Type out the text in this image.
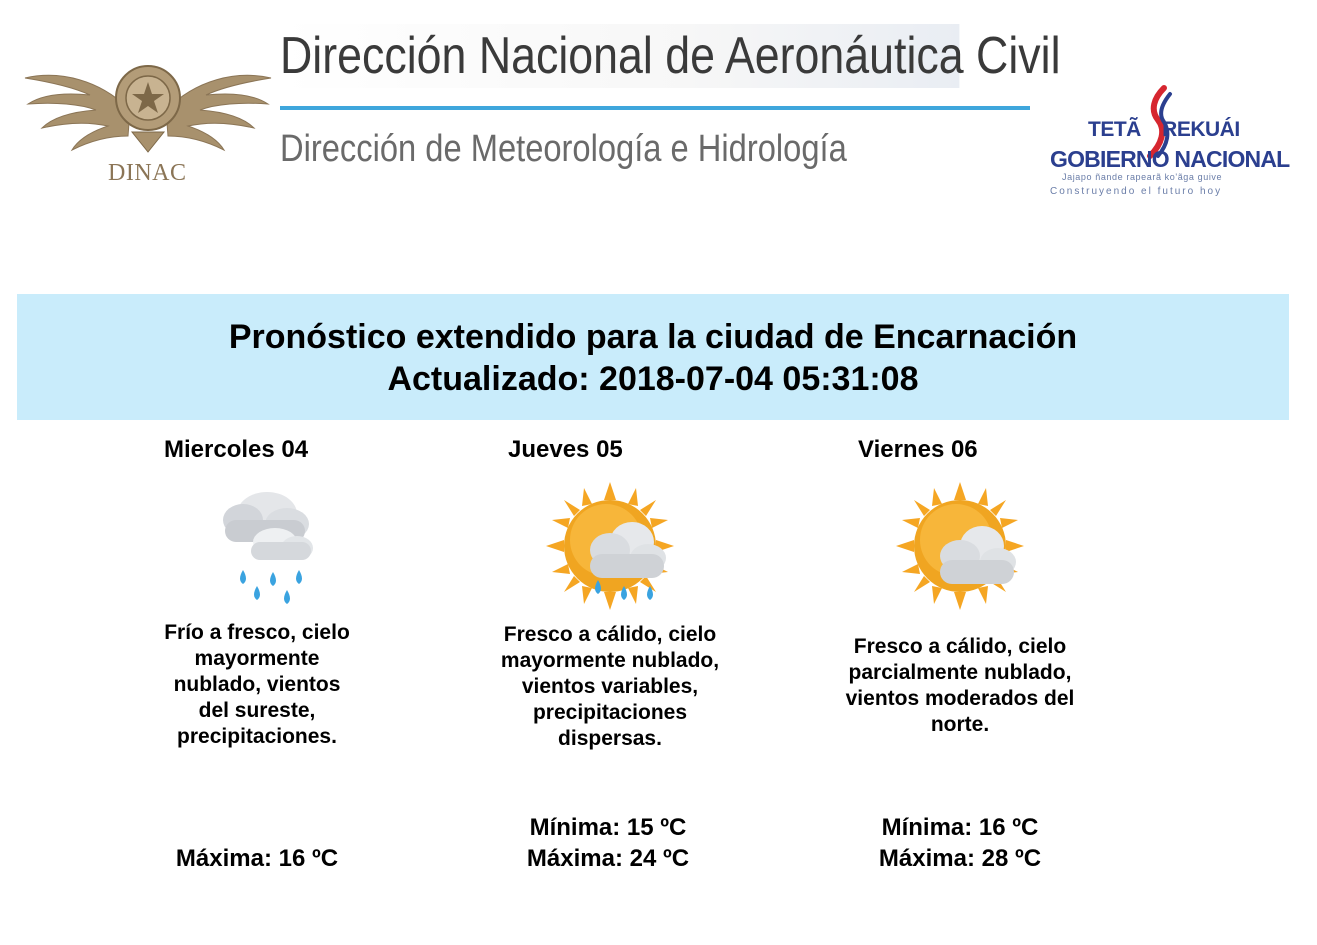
DINAC
Dirección Nacional de Aeronáutica Civil
Dirección de Meteorología e Hidrología	TETÃ REKUÁI
GOBIERNO NACIONAL
Jajapo ñande rapearã ko'ãga guive
Construyendo el futuro hoy
Pronóstico extendido para la ciudad de Encarnación
Actualizado: 2018-07-04 05:31:08
Miercoles 04
Frío a fresco, cielo mayormente nublado, vientos del sureste, precipitaciones.
Máxima: 16 ºC
Jueves 05
Fresco a cálido, cielo mayormente nublado, vientos variables, precipitaciones dispersas.
Mínima: 15 ºC
Máxima: 24 ºC
Viernes 06
Fresco a cálido, cielo parcialmente nublado, vientos moderados del norte.
Mínima: 16 ºC
Máxima: 28 ºC
